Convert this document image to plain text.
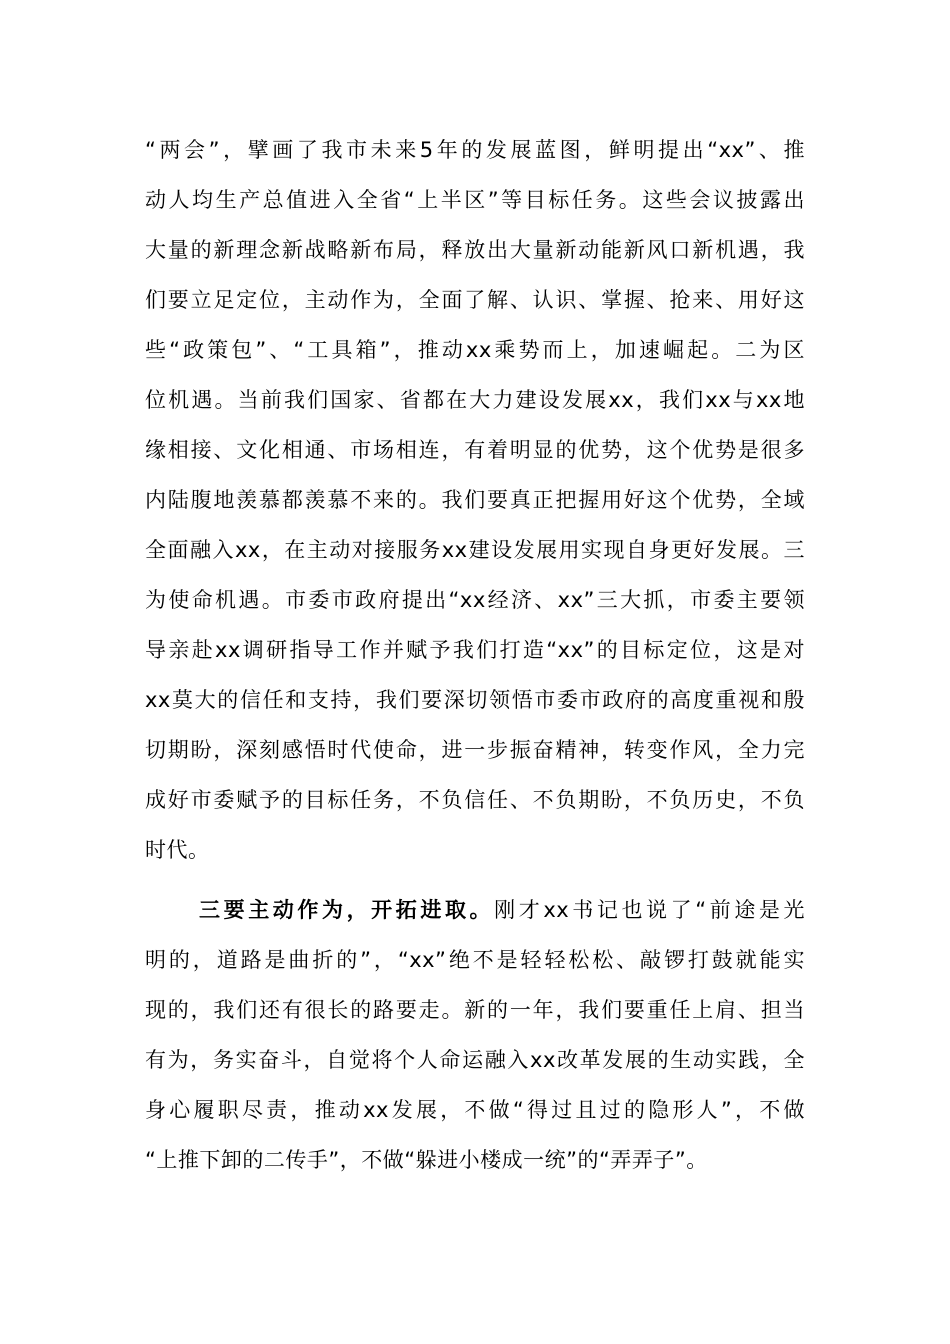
“两会”，擘画了我市未来5年的发展蓝图，鲜明提出“xx”、推
动人均生产总值进入全省“上半区”等目标任务。这些会议披露出
大量的新理念新战略新布局，释放出大量新动能新风口新机遇，我
们要立足定位，主动作为，全面了解、认识、掌握、抢来、用好这
些“政策包”、“工具箱”，推动xx乘势而上，加速崛起。二为区
位机遇。当前我们国家、省都在大力建设发展xx，我们xx与xx地
缘相接、文化相通、市场相连，有着明显的优势，这个优势是很多
内陆腹地羡慕都羡慕不来的。我们要真正把握用好这个优势，全域
全面融入xx，在主动对接服务xx建设发展用实现自身更好发展。三
为使命机遇。市委市政府提出“xx经济、xx”三大抓，市委主要领
导亲赴xx调研指导工作并赋予我们打造“xx”的目标定位，这是对
xx莫大的信任和支持，我们要深切领悟市委市政府的高度重视和殷
切期盼，深刻感悟时代使命，进一步振奋精神，转变作风，全力完
成好市委赋予的目标任务，不负信任、不负期盼，不负历史，不负
时代。
三要主动作为，开拓进取。刚才xx书记也说了“前途是光
明的，道路是曲折的”，“xx”绝不是轻轻松松、敲锣打鼓就能实
现的，我们还有很长的路要走。新的一年，我们要重任上肩、担当
有为，务实奋斗，自觉将个人命运融入xx改革发展的生动实践，全
身心履职尽责，推动xx发展，不做“得过且过的隐形人”，不做
“上推下卸的二传手”，不做“躲进小楼成一统”的“弄弄子”。
